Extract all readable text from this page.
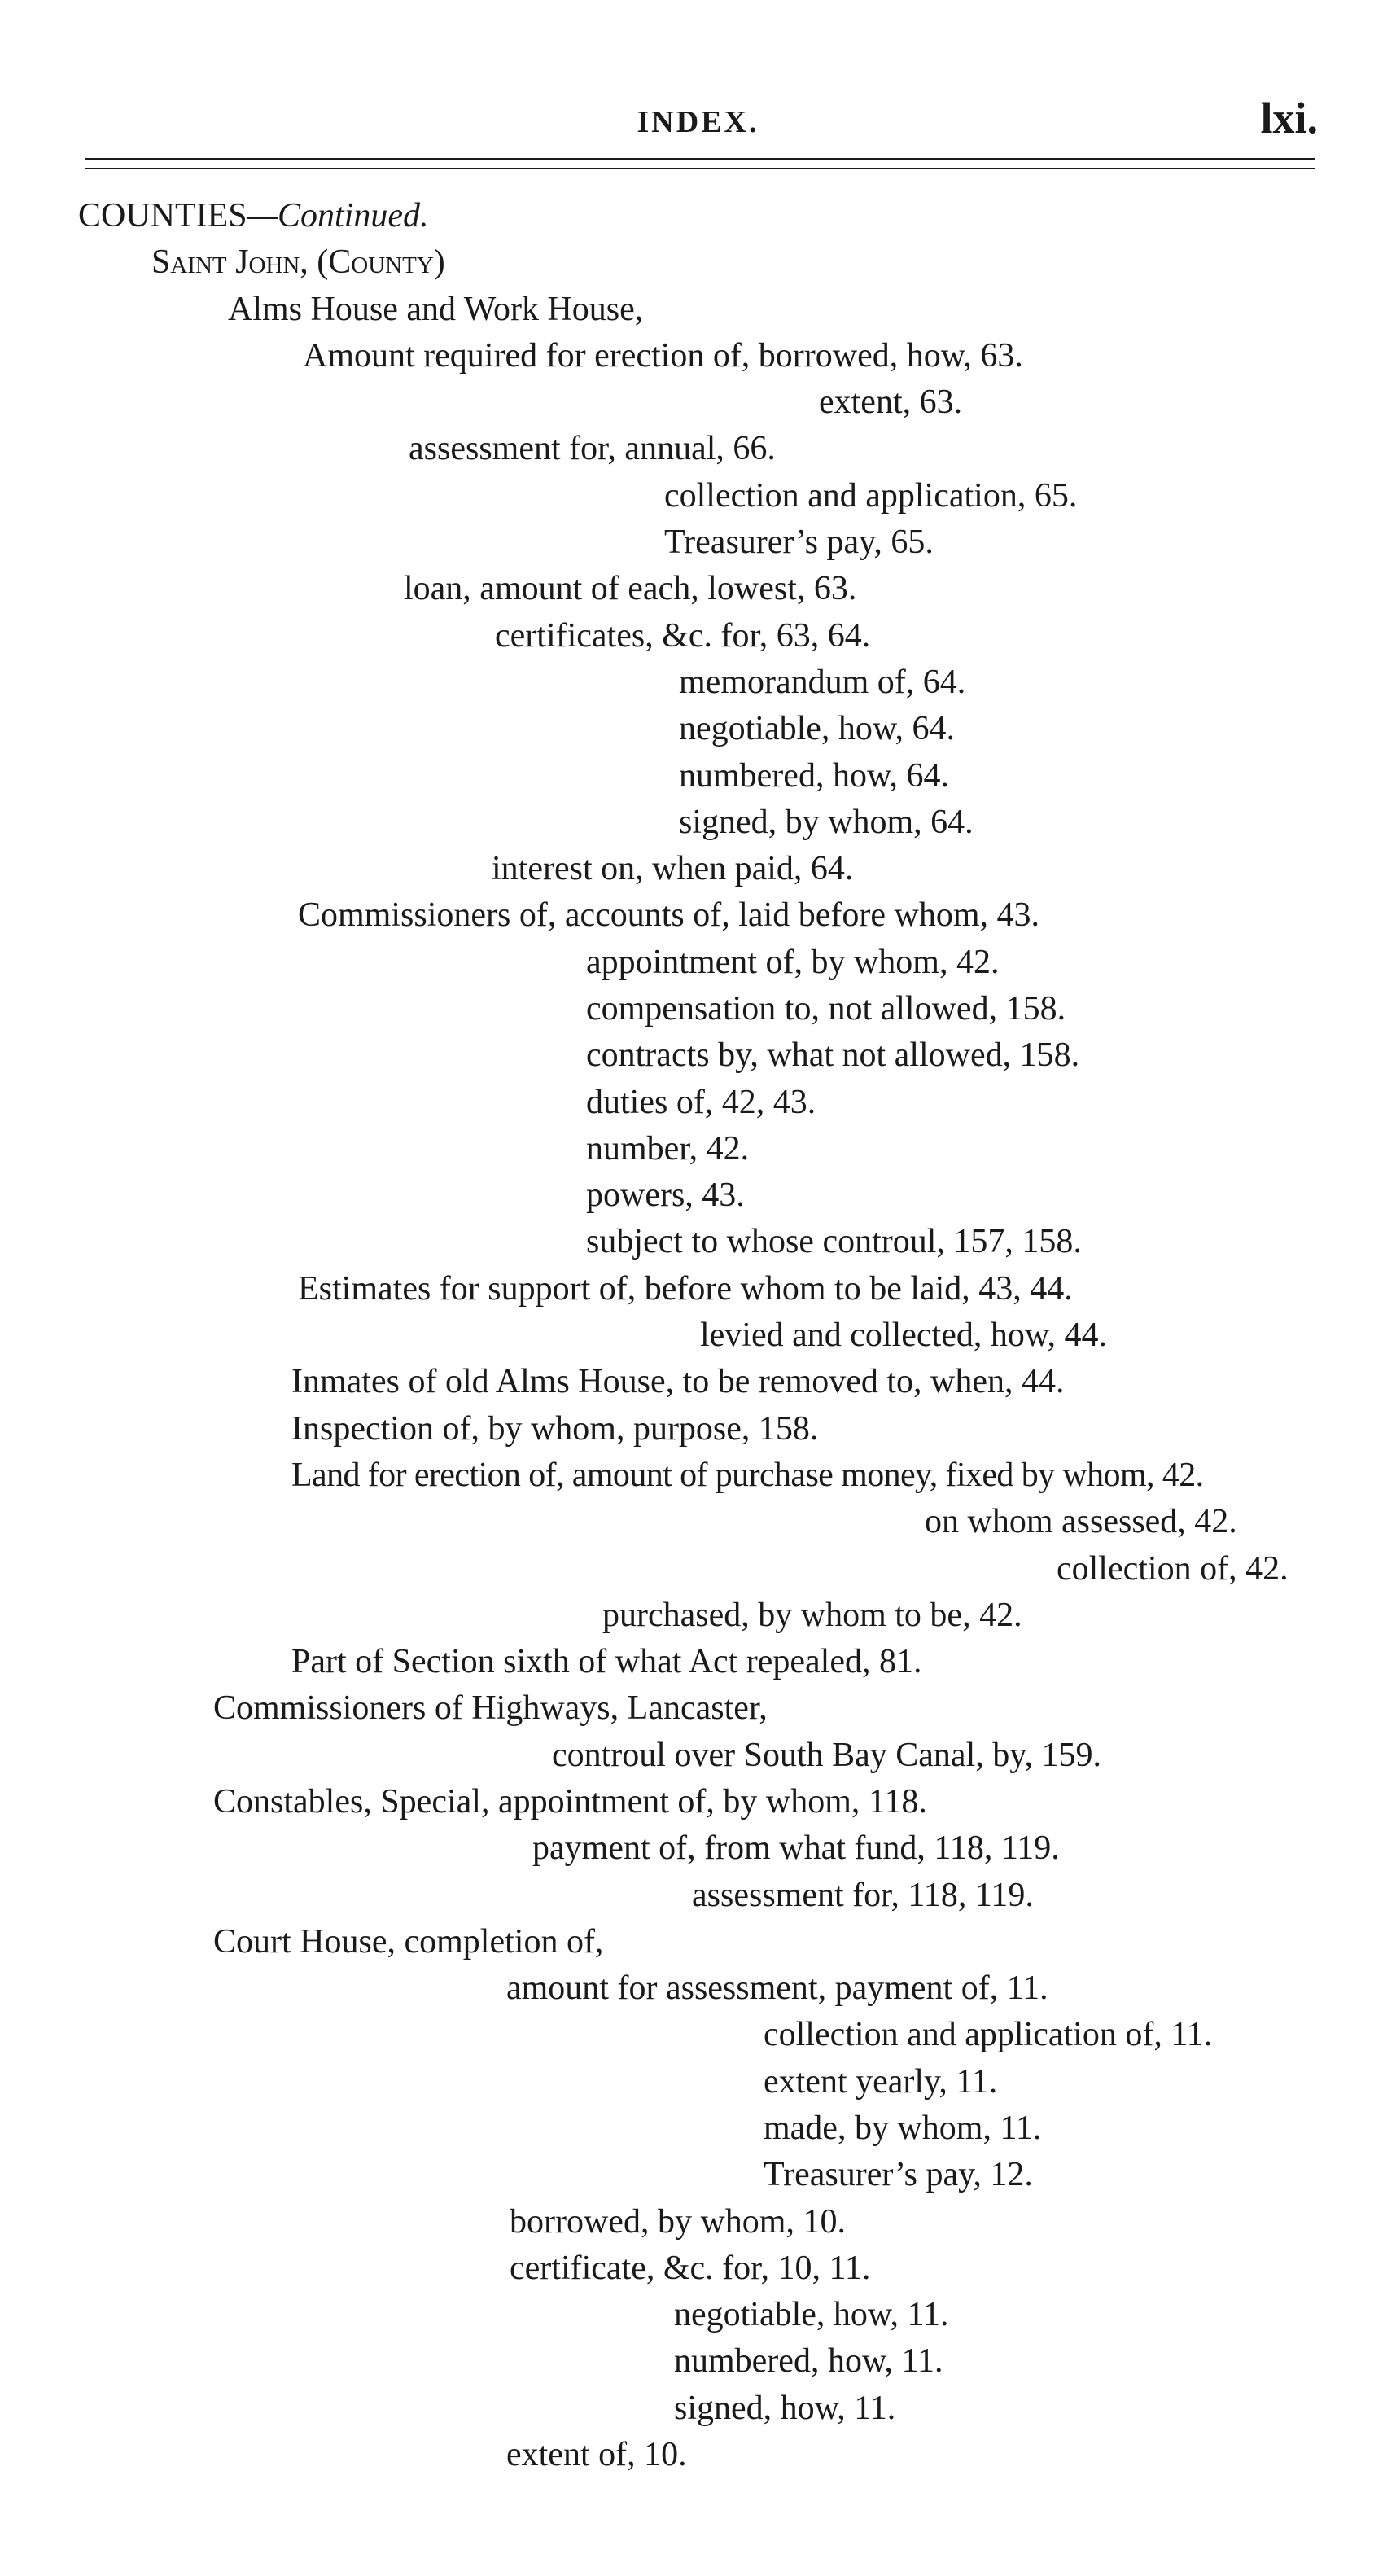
INDEX.	lxi.
COUNTIES—Continued.
Saint John, (County)
Alms House and Work House,
Amount required for erection of, borrowed, how, 63.
extent, 63.
assessment for, annual, 66.
collection and application, 65.
Treasurer’s pay, 65.
loan, amount of each, lowest, 63.
certificates, &c. for, 63, 64.
memorandum of, 64.
negotiable, how, 64.
numbered, how, 64.
signed, by whom, 64.
interest on, when paid, 64.
Commissioners of, accounts of, laid before whom, 43.
appointment of, by whom, 42.
compensation to, not allowed, 158.
contracts by, what not allowed, 158.
duties of, 42, 43.
number, 42.
powers, 43.
subject to whose controul, 157, 158.
Estimates for support of, before whom to be laid, 43, 44.
levied and collected, how, 44.
Inmates of old Alms House, to be removed to, when, 44.
Inspection of, by whom, purpose, 158.
Land for erection of, amount of purchase money, fixed by whom, 42.
on whom assessed, 42.
collection of, 42.
purchased, by whom to be, 42.
Part of Section sixth of what Act repealed, 81.
Commissioners of Highways, Lancaster,
controul over South Bay Canal, by, 159.
Constables, Special, appointment of, by whom, 118.
payment of, from what fund, 118, 119.
assessment for, 118, 119.
Court House, completion of,
amount for assessment, payment of, 11.
collection and application of, 11.
extent yearly, 11.
made, by whom, 11.
Treasurer’s pay, 12.
borrowed, by whom, 10.
certificate, &c. for, 10, 11.
negotiable, how, 11.
numbered, how, 11.
signed, how, 11.
extent of, 10.
